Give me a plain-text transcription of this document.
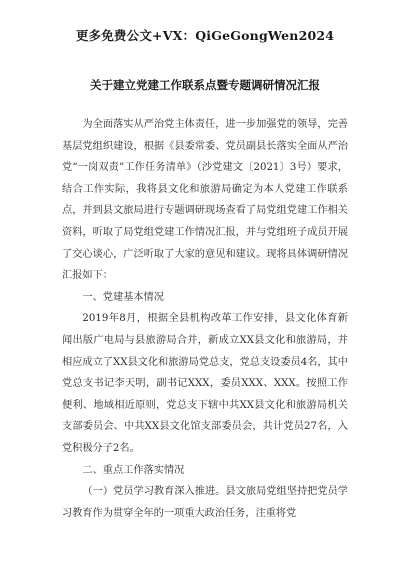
更多免费公文+VX：QiGeGongWen2024
关于建立党建工作联系点暨专题调研情况汇报

为全面落实从严治党主体责任，进一步加强党的领导，完善基层党组织建设，根据《县委常委、党员副县长落实全面从严治党“一岗双责”工作任务清单》（沙党建文〔2021〕3号）要求，结合工作实际，我将县文化和旅游局确定为本人党建工作联系点，并到县文旅局进行专题调研现场查看了局党组党建工作相关资料，听取了局党组党建工作情况汇报，并与党组班子成员开展了交心谈心，广泛听取了大家的意见和建议。现将具体调研情况汇报如下：

一、党建基本情况

2019年8月，根据全县机构改革工作安排，县文化体育新闻出版广电局与县旅游局合并，新成立XX县文化和旅游局，并相应成立了XX县文化和旅游局党总支，党总支设委员4名，其中党总支书记李天明，副书记XXX，委员XXX、XXX。按照工作便利、地域相近原则，党总支下辖中共XX县文化和旅游局机关支部委员会、中共XX县文化馆支部委员会，共计党员27名，入党积极分子2名。

二、重点工作落实情况

（一）党员学习教育深入推进。县文旅局党组坚持把党员学习教育作为贯穿全年的一项重大政治任务，注重将党
